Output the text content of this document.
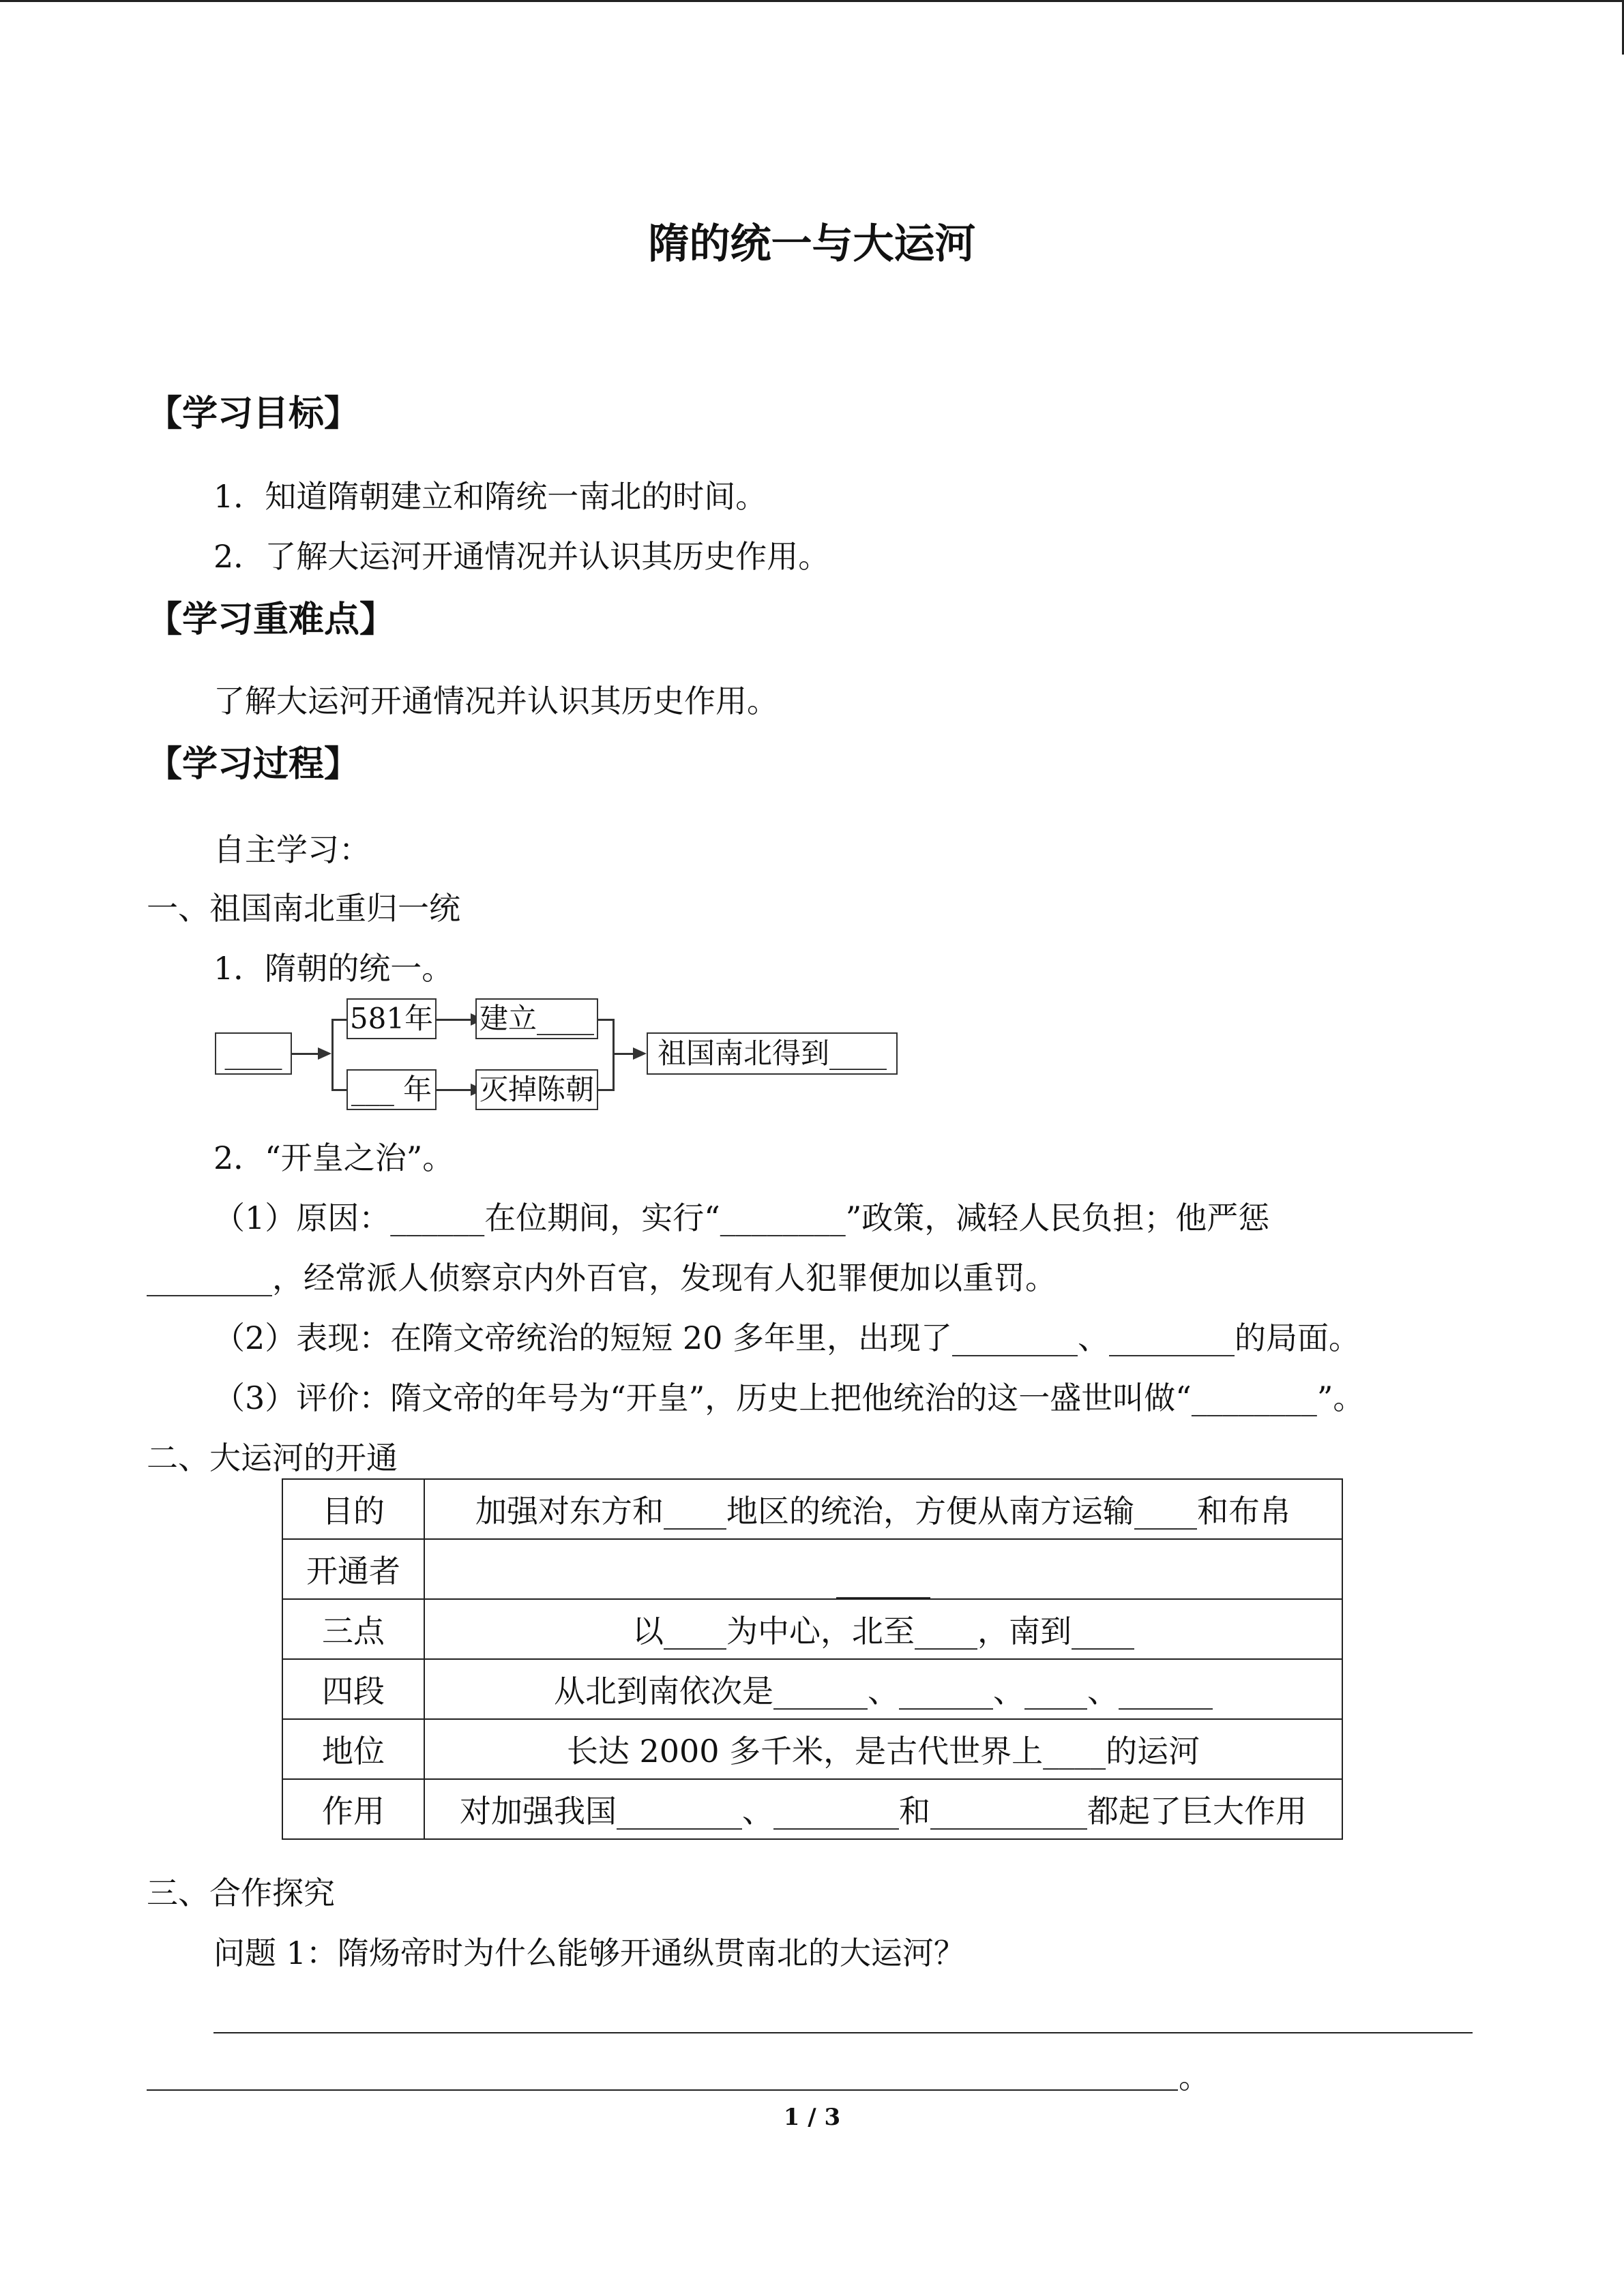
隋的统一与大运河
【学习目标】
1．知道隋朝建立和隋统一南北的时间。
2．了解大运河开通情况并认识其历史作用。
【学习重难点】
了解大运河开通情况并认识其历史作用。
【学习过程】
自主学习：
一、祖国南北重归一统
1．隋朝的统一。
____
581年 建立____
___ 年 灭掉陈朝
祖国南北得到____
2．“开皇之治”。
（1）原因：______在位期间，实行“________”政策，减轻人民负担；他严惩
________，经常派人侦察京内外百官，发现有人犯罪便加以重罚。
（2）表现：在隋文帝统治的短短 20 多年里，出现了________、________的局面。
（3）评价：隋文帝的年号为“开皇”，历史上把他统治的这一盛世叫做“________”。
二、大运河的开通
目的	加强对东方和____地区的统治，方便从南方运输____和布帛
开通者	______
三点	以____为中心，北至____，南到____
四段	从北到南依次是______、______、____、______
地位	长达 2000 多千米，是古代世界上____的运河
作用	对加强我国________、________和__________都起了巨大作用
三、合作探究
问题 1：隋炀帝时为什么能够开通纵贯南北的大运河？
。
1 / 3
